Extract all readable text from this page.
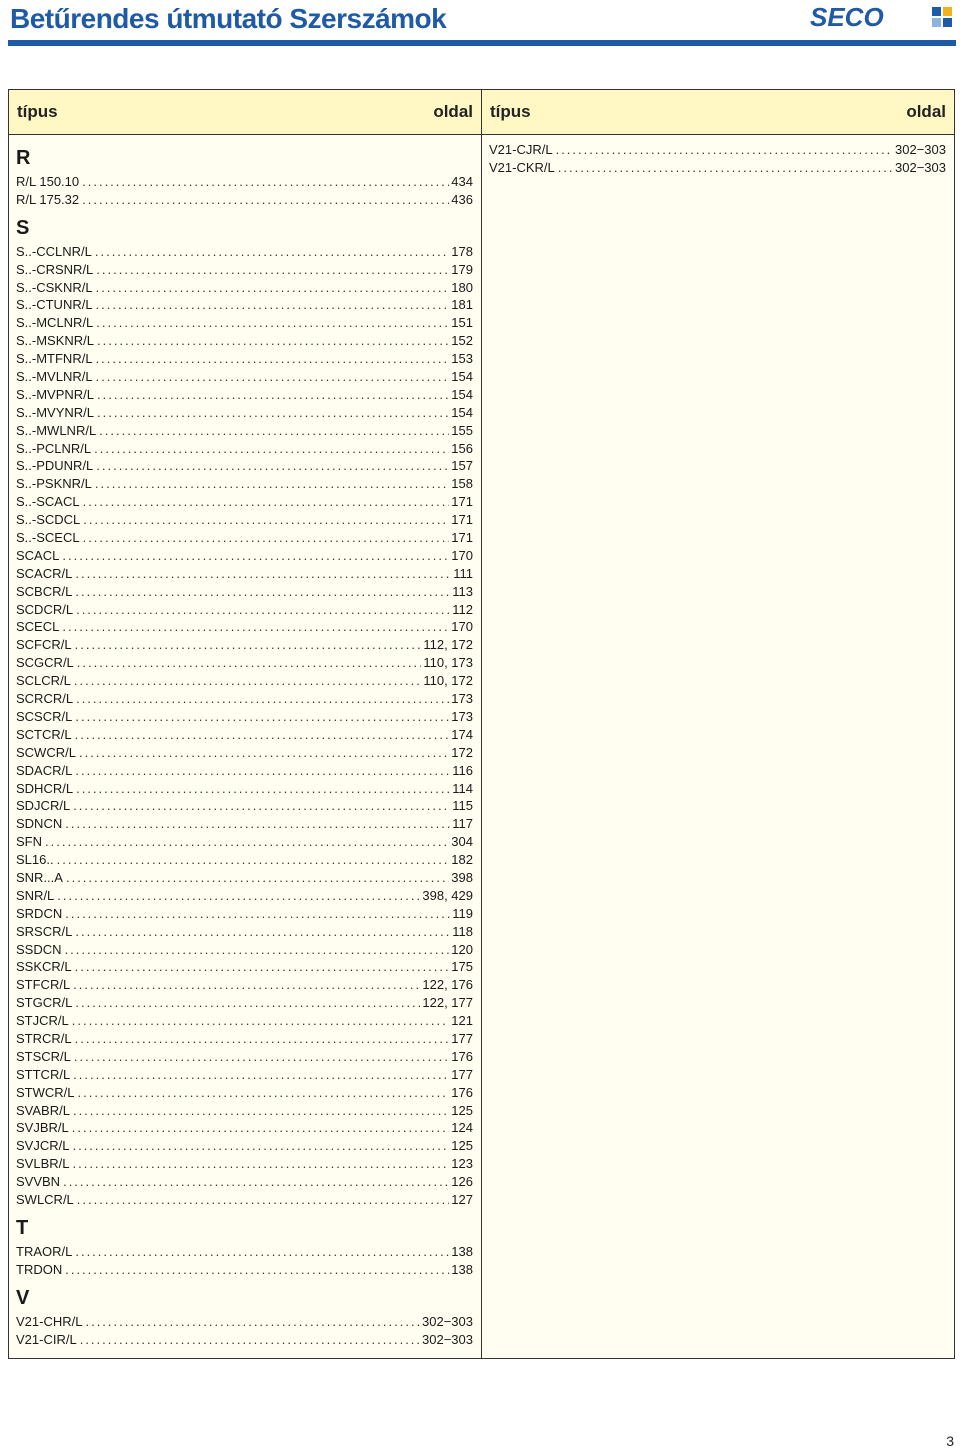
Betűrendes útmutató Szerszámok	SECO
típus	oldal
R
R/L 150.10 .....	434
R/L 175.32 .....	436
S
S..-CCLNR/L .....	178
S..-CRSNR/L .....	179
S..-CSKNR/L .....	180
S..-CTUNR/L .....	181
S..-MCLNR/L .....	151
S..-MSKNR/L .....	152
S..-MTFNR/L .....	153
S..-MVLNR/L .....	154
S..-MVPNR/L .....	154
S..-MVYNR/L .....	154
S..-MWLNR/L .....	155
S..-PCLNR/L .....	156
S..-PDUNR/L .....	157
S..-PSKNR/L .....	158
S..-SCACL .....	171
S..-SCDCL .....	171
S..-SCECL .....	171
SCACL .....	170
SCACR/L .....	111
SCBCR/L .....	113
SCDCR/L .....	112
SCECL .....	170
SCFCR/L .....	112, 172
SCGCR/L .....	110, 173
SCLCR/L .....	110, 172
SCRCR/L .....	173
SCSCR/L .....	173
SCTCR/L .....	174
SCWCR/L .....	172
SDACR/L .....	116
SDHCR/L .....	114
SDJCR/L .....	115
SDNCN .....	117
SFN .....	304
SL16.. .....	182
SNR...A .....	398
SNR/L .....	398, 429
SRDCN .....	119
SRSCR/L .....	118
SSDCN .....	120
SSKCR/L .....	175
STFCR/L .....	122, 176
STGCR/L .....	122, 177
STJCR/L .....	121
STRCR/L .....	177
STSCR/L .....	176
STTCR/L .....	177
STWCR/L .....	176
SVABR/L .....	125
SVJBR/L .....	124
SVJCR/L .....	125
SVLBR/L .....	123
SVVBN .....	126
SWLCR/L .....	127
T
TRAOR/L .....	138
TRDON .....	138
V
V21-CHR/L .....	302−303
V21-CIR/L .....	302−303
típus	oldal
V21-CJR/L .....	302−303
V21-CKR/L .....	302−303
3
